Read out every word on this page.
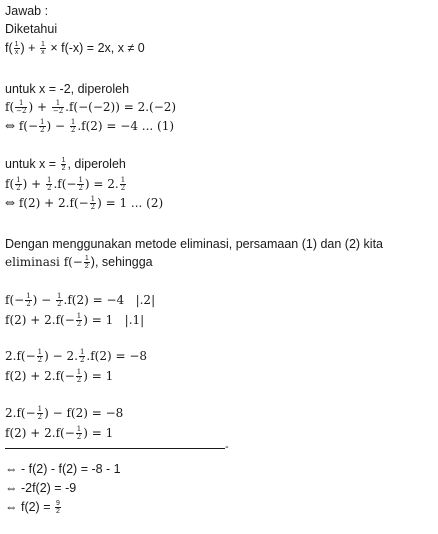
Jawab :
Diketahui
$f( \frac{1}{x}$ ) + $\frac{1}{x} \times f(-x) = 2x$, x ≠ 0
untuk x = -2, diperoleh
$f( \frac{1}{-2}$ ) + $\frac{1}{-2} .f(-(-2)) = 2.(-2)$
⇔ $f(- \frac{1}{2}$ ) − $\frac{1}{2} .f(2) = -4$ ... (1)
untuk $x = \frac{1}{2}$ , diperoleh
$f( \frac{1}{2}$ ) + $\frac{1}{2} .f(- \frac{1}{2}$ ) = 2. $\frac{1}{2}$
⇔ $f(2) + 2.f(- \frac{1}{2}$ ) = 1 ... (2)
Dengan menggunakan metode eliminasi, persamaan (1) dan (2) kita
eliminasi $f(- \frac{1}{2}$ ), sehingga
$f(- \frac{1}{2}$ ) − $\frac{1}{2} .f(2) = -4$   |.2|
$f(2) + 2.f(- \frac{1}{2}$ ) = 1   |.1|
$2.f(- \frac{1}{2}$ ) − 2. $\frac{1}{2} .f(2) = -8$
$f(2) + 2.f(- \frac{1}{2}$ ) = 1
$2.f(- \frac{1}{2}$ ) − f(2) = −8
$f(2) + 2.f(- \frac{1}{2}$ ) = 1
-
⇔ - f(2) - f(2) = -8 - 1
⇔ -2f(2) = -9
⇔ $f(2) = \frac{9}{2}$
